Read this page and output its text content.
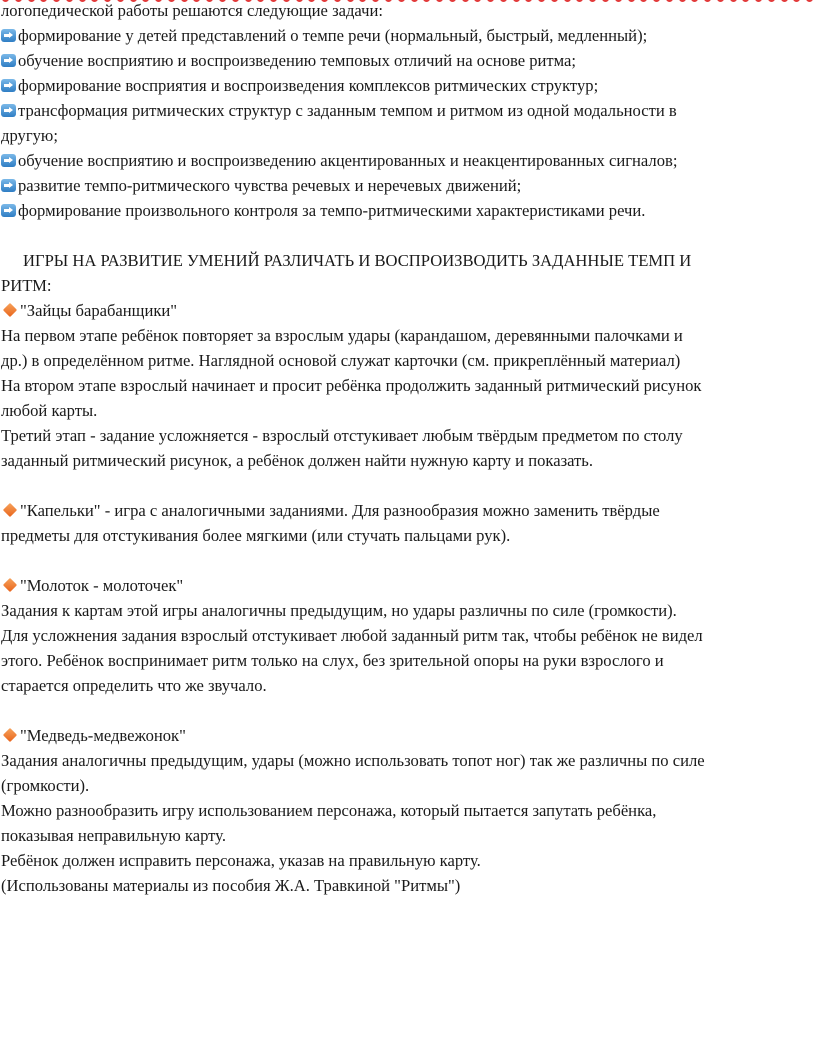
логопедической работы решаются следующие задачи:

формирование у детей представлений о темпе речи (нормальный, быстрый, медленный);

обучение восприятию и воспроизведению темповых отличий на основе ритма;

формирование восприятия и воспроизведения комплексов ритмических структур;

трансформация ритмических структур с заданным темпом и ритмом из одной модальности в

другую;

обучение восприятию и воспроизведению акцентированных и неакцентированных сигналов;

развитие темпо-ритмического чувства речевых и неречевых движений;

формирование произвольного контроля за темпо-ритмическими характеристиками речи.

ИГРЫ НА РАЗВИТИЕ УМЕНИЙ РАЗЛИЧАТЬ И ВОСПРОИЗВОДИТЬ ЗАДАННЫЕ ТЕМП И

РИТМ:

"Зайцы барабанщики"

На первом этапе ребёнок повторяет за взрослым удары (карандашом, деревянными палочками и

др.) в определённом ритме. Наглядной основой служат карточки (см. прикреплённый материал)

На втором этапе взрослый начинает и просит ребёнка продолжить заданный ритмический рисунок

любой карты.

Третий этап - задание усложняется - взрослый отстукивает любым твёрдым предметом по столу

заданный ритмический рисунок, а ребёнок должен найти нужную карту и показать.

"Капельки" - игра с аналогичными заданиями. Для разнообразия можно заменить твёрдые

предметы для отстукивания более мягкими (или стучать пальцами рук).

"Молоток - молоточек"

Задания к картам этой игры аналогичны предыдущим, но удары различны по силе (громкости).

Для усложнения задания взрослый отстукивает любой заданный ритм так, чтобы ребёнок не видел

этого. Ребёнок воспринимает ритм только на слух, без зрительной опоры на руки взрослого и

старается определить что же звучало.

"Медведь-медвежонок"

Задания аналогичны предыдущим, удары (можно использовать топот ног) так же различны по силе

(громкости).

Можно разнообразить игру использованием персонажа, который пытается запутать ребёнка,

показывая неправильную карту.

Ребёнок должен исправить персонажа, указав на правильную карту.

(Использованы материалы из пособия Ж.А. Травкиной "Ритмы")
